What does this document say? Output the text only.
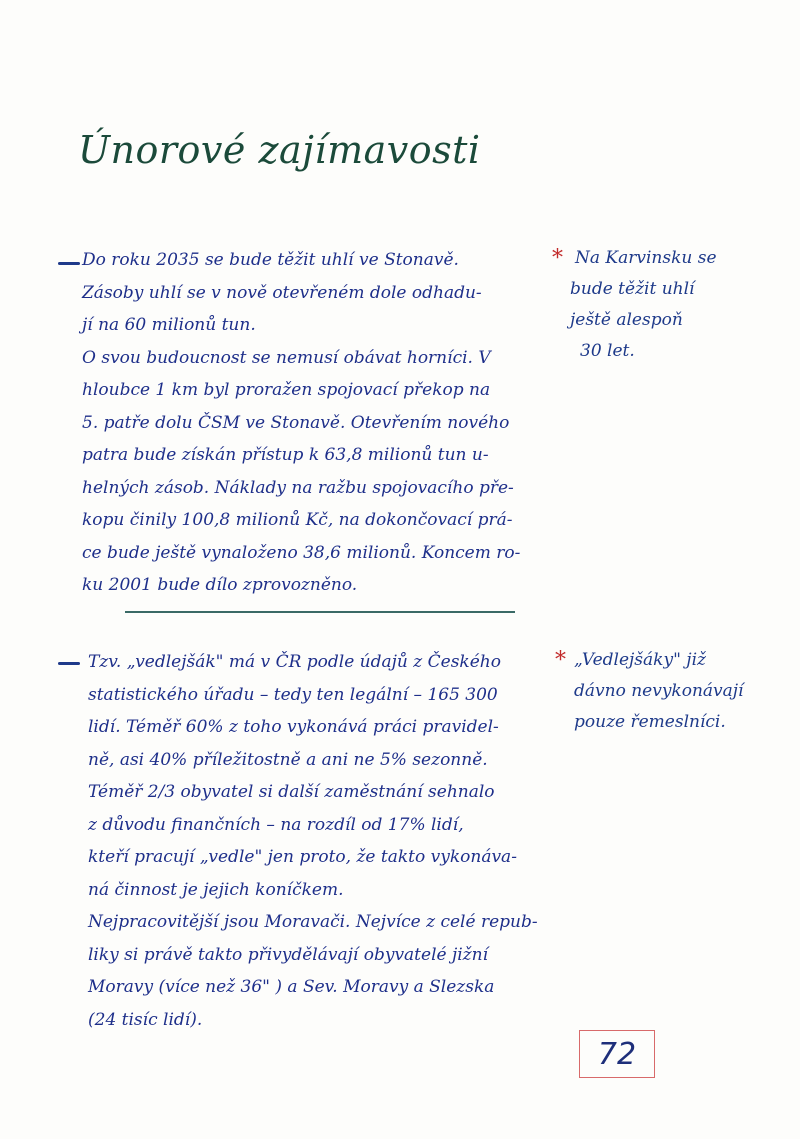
Únorové zajímavosti
Do roku 2035 se bude těžit uhlí ve Stonavě.
Zásoby uhlí se v nově otevřeném dole odhadu-
jí na 60 milionů tun.
O svou budoucnost se nemusí obávat horníci. V
hloubce 1 km byl proražen spojovací překop na
5. patře dolu ČSM ve Stonavě. Otevřením nového
patra bude získán přístup k 63,8 milionů tun u-
helných zásob. Náklady na ražbu spojovacího pře-
kopu činily 100,8 milionů Kč, na dokončovací prá-
ce bude ještě vynaloženo 38,6 milionů. Koncem ro-
ku 2001 bude dílo zprovozněno.
* Na Karvinsku se
bude těžit uhlí
ještě alespoň
30 let.
Tzv. „vedlejšák" má v ČR podle údajů z Českého
statistického úřadu – tedy ten legální – 165 300
lidí. Téměř 60% z toho vykonává práci pravidel-
ně, asi 40% příležitostně a ani ne 5% sezonně.
Téměř 2/3 obyvatel si další zaměstnání sehnalo
z důvodu finančních – na rozdíl od 17% lidí,
kteří pracují „vedle" jen proto, že takto vykonáva-
ná činnost je jejich koníčkem.
Nejpracovitější jsou Moravači. Nejvíce z celé repub-
liky si právě takto přivydělávají obyvatelé jižní
Moravy (více než 36" ) a Sev. Moravy a Slezska
(24 tisíc lidí).
* „Vedlejšáky" již
dávno nevykonávají
pouze řemeslníci.
72
